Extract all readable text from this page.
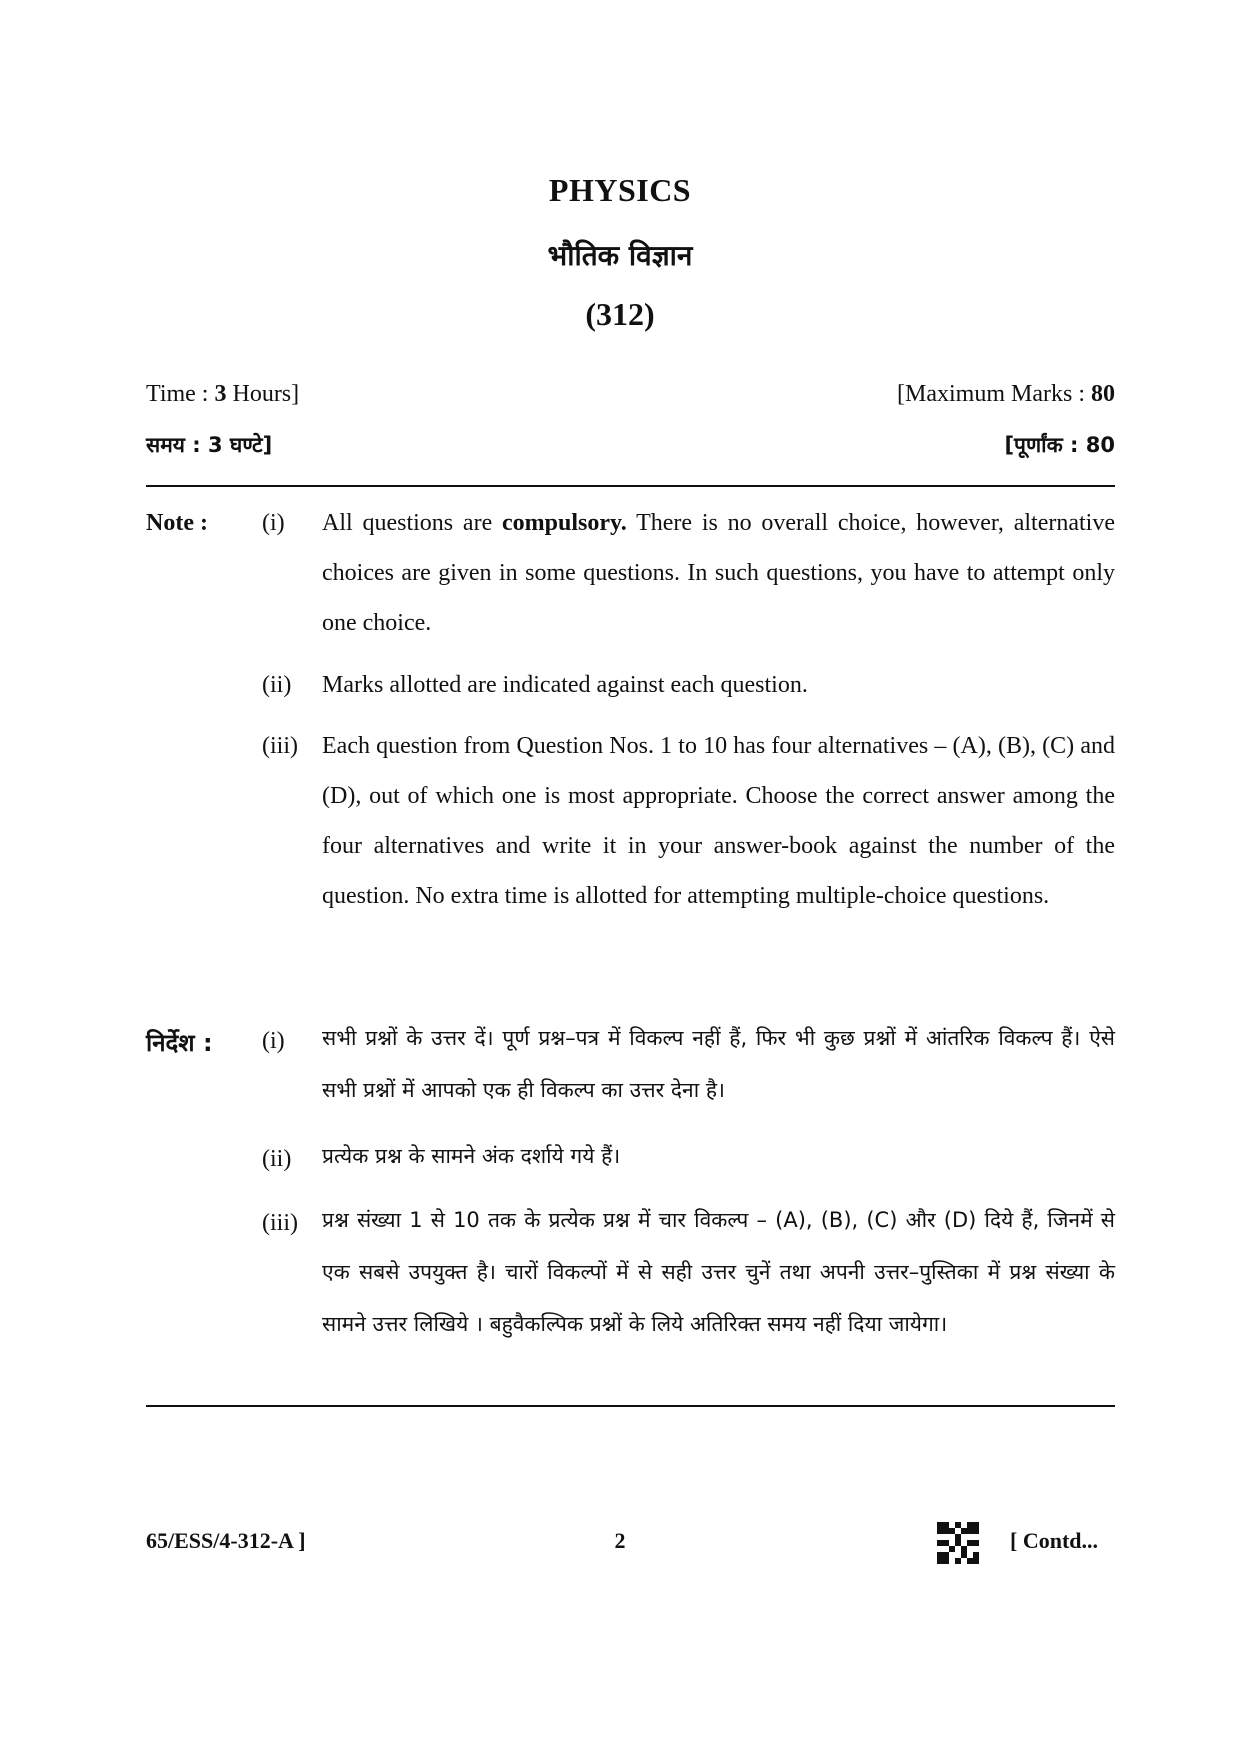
PHYSICS
भौतिक विज्ञान
(312)
Time : 3 Hours]	[Maximum Marks : 80
समय : 3 घण्टे]	[पूर्णांक : 80
Note : (i) All questions are compulsory. There is no overall choice, however, alternative choices are given in some questions. In such questions, you have to attempt only one choice.
(ii) Marks allotted are indicated against each question.
(iii) Each question from Question Nos. 1 to 10 has four alternatives – (A), (B), (C) and (D), out of which one is most appropriate. Choose the correct answer among the four alternatives and write it in your answer-book against the number of the question. No extra time is allotted for attempting multiple-choice questions.
निर्देश : (i) सभी प्रश्नों के उत्तर दें। पूर्ण प्रश्न–पत्र में विकल्प नहीं हैं, फिर भी कुछ प्रश्नों में आंतरिक विकल्प हैं। ऐसे सभी प्रश्नों में आपको एक ही विकल्प का उत्तर देना है।
(ii) प्रत्येक प्रश्न के सामने अंक दर्शाये गये हैं।
(iii) प्रश्न संख्या 1 से 10 तक के प्रत्येक प्रश्न में चार विकल्प – (A), (B), (C) और (D) दिये हैं, जिनमें से एक सबसे उपयुक्त है। चारों विकल्पों में से सही उत्तर चुनें तथा अपनी उत्तर–पुस्तिका में प्रश्न संख्या के सामने उत्तर लिखिये । बहुवैकल्पिक प्रश्नों के लिये अतिरिक्त समय नहीं दिया जायेगा।
65/ESS/4-312-A ]	2	[ Contd...
